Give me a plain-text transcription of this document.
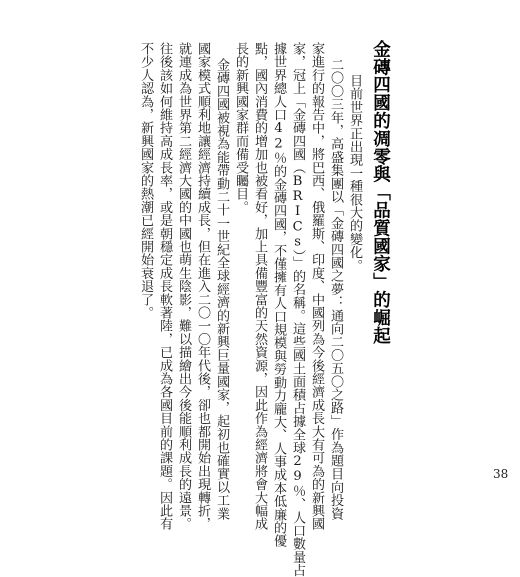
金磚四國的凋零與「品質國家」的崛起
目前世界正出現一種很大的變化。
二〇〇三年，高盛集團以「金磚四國之夢：通向二〇五〇之路」作為題目向投資
家進行的報告中，將巴西、俄羅斯、印度、中國列為今後經濟成長大有可為的新興國
家，冠上「金磚四國（BRICs）」的名稱。這些國土面積占據全球29％、人口數量占
據世界總人口42％的金磚四國，不僅擁有人口規模與勞動力龐大、人事成本低廉的優
點，國內消費的增加也被看好，加上具備豐富的天然資源，因此作為經濟將會大幅成
長的新興國家群而備受矚目。
金磚四國被視為能帶動二十一世紀全球經濟的新興巨量國家，起初也確實以工業
國家模式順利地讓經濟持續成長，但在進入二〇一〇年代後，卻也都開始出現轉折，
就連成為世界第二經濟大國的中國也萌生陰影，難以描繪出今後能順利成長的遠景。
往後該如何維持高成長率，或是朝穩定成長軟著陸，已成為各國目前的課題。因此有
不少人認為，新興國家的熱潮已經開始衰退了。
38
